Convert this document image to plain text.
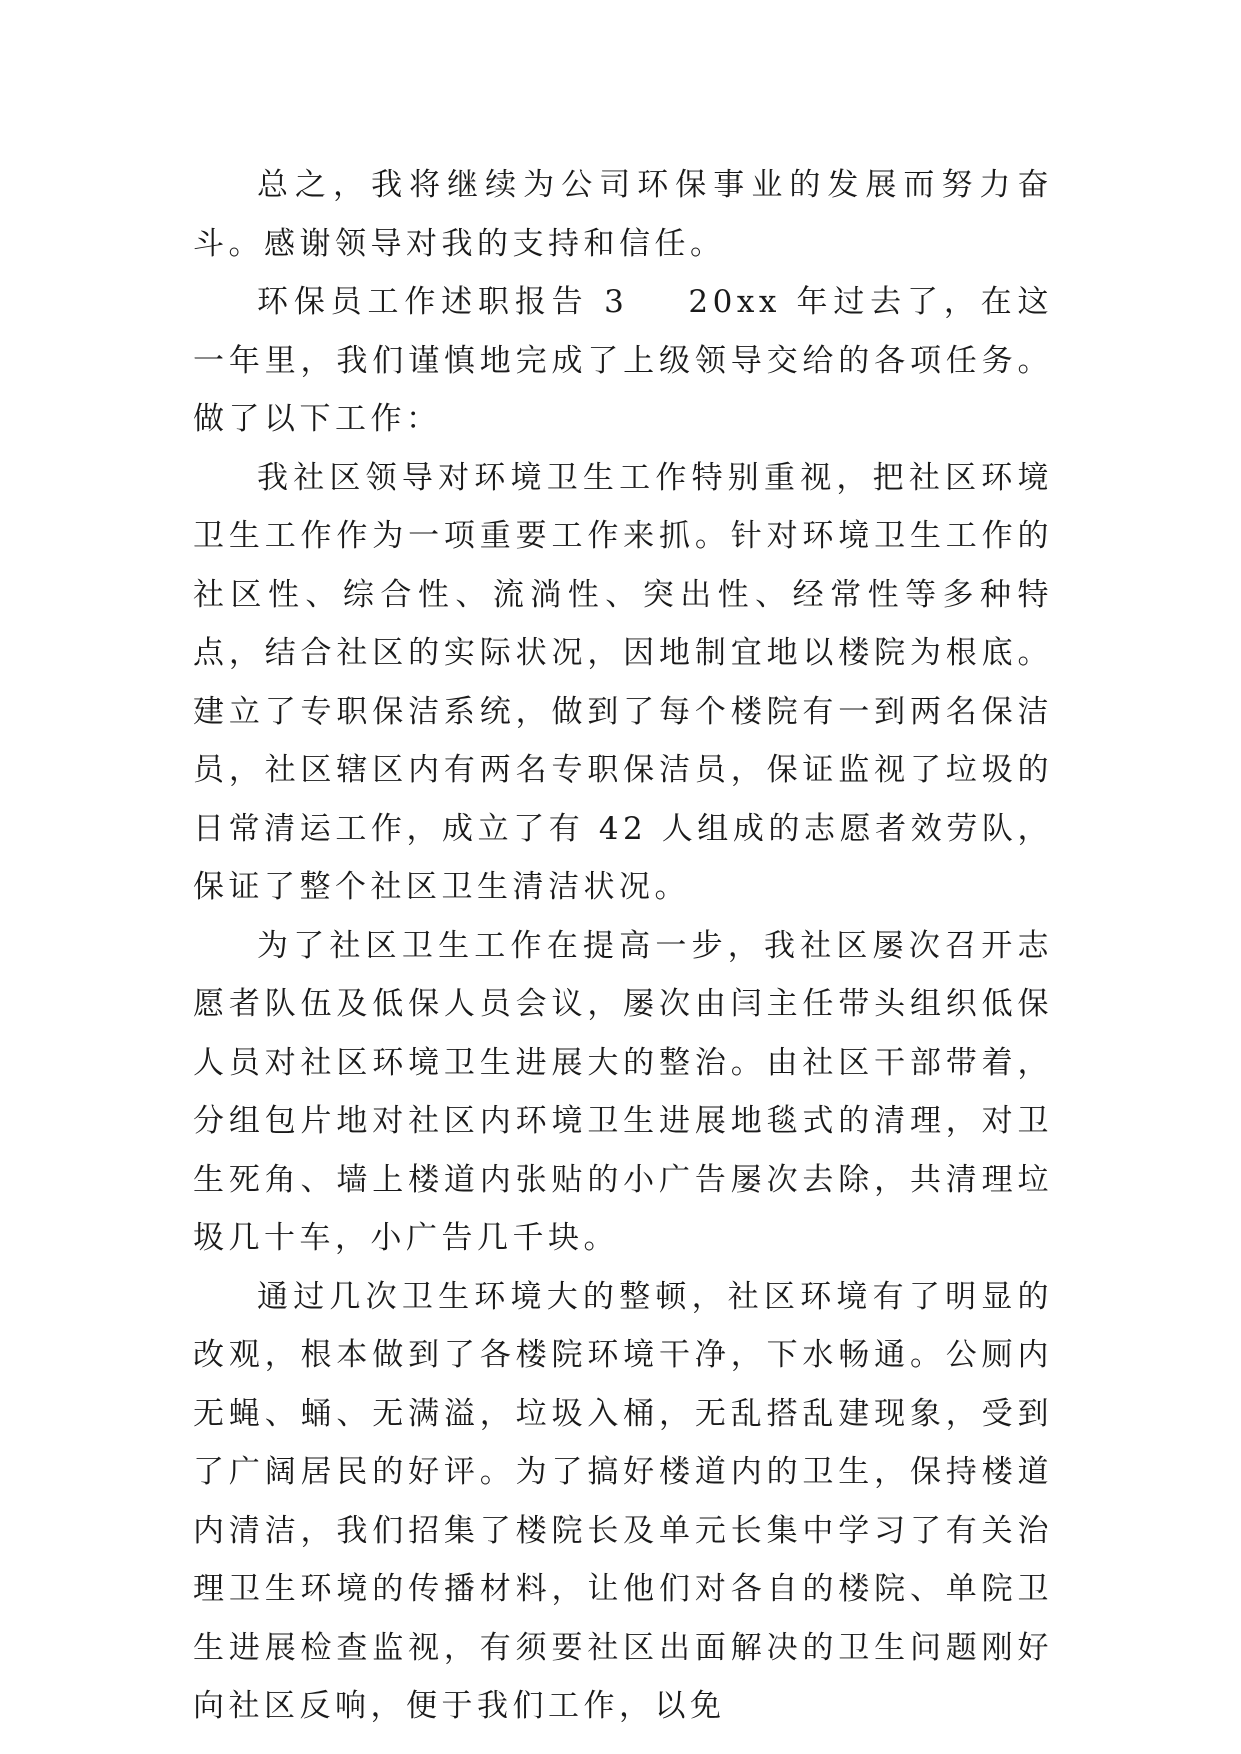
总之，我将继续为公司环保事业的发展而努力奋斗。感谢领导对我的支持和信任。

环保员工作述职报告 3 20xx 年过去了，在这一年里，我们谨慎地完成了上级领导交给的各项任务。做了以下工作：

我社区领导对环境卫生工作特别重视，把社区环境卫生工作作为一项重要工作来抓。针对环境卫生工作的社区性、综合性、流淌性、突出性、经常性等多种特点，结合社区的实际状况，因地制宜地以楼院为根底。建立了专职保洁系统，做到了每个楼院有一到两名保洁员，社区辖区内有两名专职保洁员，保证监视了垃圾的日常清运工作，成立了有 42 人组成的志愿者效劳队，保证了整个社区卫生清洁状况。

为了社区卫生工作在提高一步，我社区屡次召开志愿者队伍及低保人员会议，屡次由闫主任带头组织低保人员对社区环境卫生进展大的整治。由社区干部带着，分组包片地对社区内环境卫生进展地毯式的清理，对卫生死角、墙上楼道内张贴的小广告屡次去除，共清理垃圾几十车，小广告几千块。

通过几次卫生环境大的整顿，社区环境有了明显的改观，根本做到了各楼院环境干净，下水畅通。公厕内无蝇、蛹、无满溢，垃圾入桶，无乱搭乱建现象，受到了广阔居民的好评。为了搞好楼道内的卫生，保持楼道内清洁，我们招集了楼院长及单元长集中学习了有关治理卫生环境的传播材料，让他们对各自的楼院、单院卫生进展检查监视，有须要社区出面解决的卫生问题刚好向社区反响，便于我们工作，以免
